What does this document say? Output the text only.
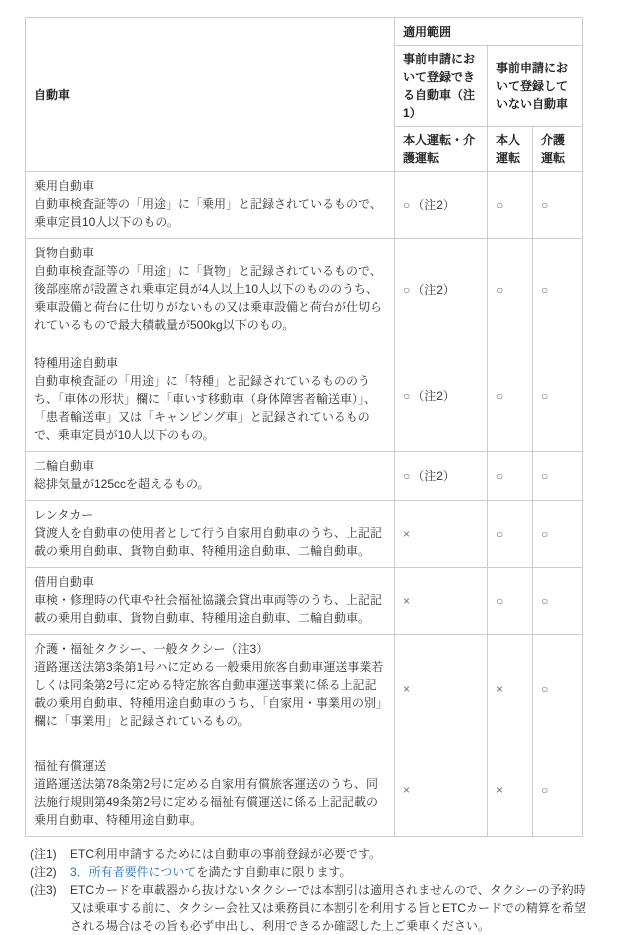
自動車	適用範囲		
	事前申請において登録できる自動車（注1）	事前申請において登録していない自動車	
	本人運転・介護運転	本人運転	介護運転

乗用自動車
自動車検査証等の「用途」に「乗用」と記録されているもので、乗車定員10人以下のもの。	○ （注2）	○	○

貨物自動車
自動車検査証等の「用途」に「貨物」と記録されているもので、後部座席が設置され乗車定員が4人以上10人以下のもののうち、乗車設備と荷台に仕切りがないもの又は乗車設備と荷台が仕切られているもので最大積載量が500kg以下のもの。	○ （注2）	○	○

特種用途自動車
自動車検査証の「用途」に「特種」と記録されているもののうち、「車体の形状」欄に「車いす移動車（身体障害者輸送車）」、「患者輸送車」又は「キャンピング車」と記録されているもので、乗車定員が10人以下のもの。	○ （注2）	○	○

二輪自動車
総排気量が125ccを超えるもの。	○ （注2）	○	○

レンタカー
貸渡人を自動車の使用者として行う自家用自動車のうち、上記記載の乗用自動車、貨物自動車、特種用途自動車、二輪自動車。	×	○	○

借用自動車
車検・修理時の代車や社会福祉協議会貸出車両等のうち、上記記載の乗用自動車、貨物自動車、特種用途自動車、二輪自動車。	×	○	○

介護・福祉タクシー、一般タクシー（注3）
道路運送法第3条第1号ハに定める一般乗用旅客自動車運送事業若しくは同条第2号に定める特定旅客自動車運送事業に係る上記記載の乗用自動車、特種用途自動車のうち、「自家用・事業用の別」欄に「事業用」と記録されているもの。	×	×	○

福祉有償運送
道路運送法第78条第2号に定める自家用有償旅客運送のうち、同法施行規則第49条第2号に定める福祉有償運送に係る上記記載の乗用自動車、特種用途自動車。	×	×	○
(注1)	ETC利用申請するためには自動車の事前登録が必要です。
(注2)	3．所有者要件についてを満たす自動車に限ります。
(注3)	ETCカードを車載器から抜けないタクシーでは本割引は適用されませんので、タクシーの予約時又は乗車する前に、タクシー会社又は乗務員に本割引を利用する旨とETCカードでの精算を希望される場合はその旨も必ず申出し、利用できるか確認した上ご乗車ください。
